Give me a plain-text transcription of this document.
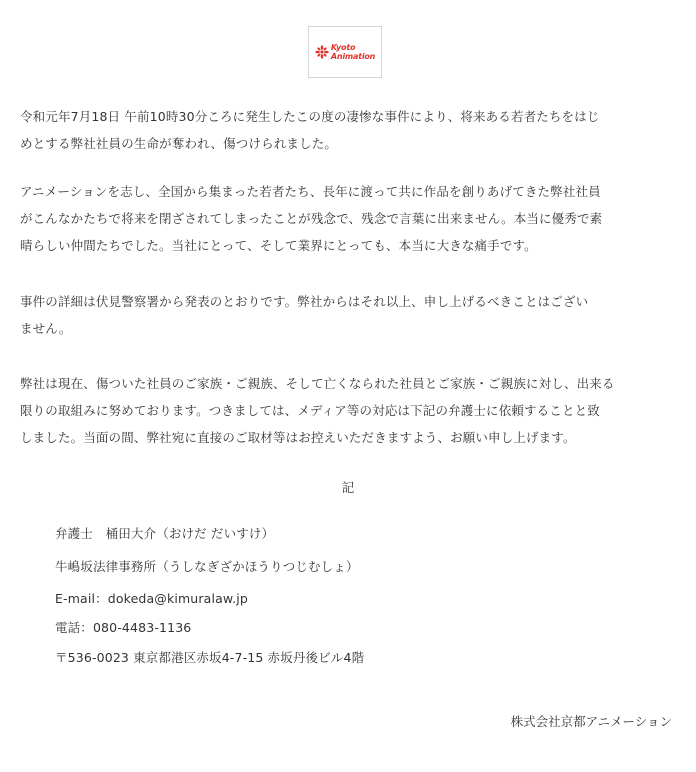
Kyoto
Animation

令和元年7月18日 午前10時30分ころに発生したこの度の凄惨な事件により、将来ある若者たちをはじ
めとする弊社社員の生命が奪われ、傷つけられました。

アニメーションを志し、全国から集まった若者たち、長年に渡って共に作品を創りあげてきた弊社社員
がこんなかたちで将来を閉ざされてしまったことが残念で、残念で言葉に出来ません。本当に優秀で素
晴らしい仲間たちでした。当社にとって、そして業界にとっても、本当に大きな痛手です。

事件の詳細は伏見警察署から発表のとおりです。弊社からはそれ以上、申し上げるべきことはござい
ません。

弊社は現在、傷ついた社員のご家族・ご親族、そして亡くなられた社員とご家族・ご親族に対し、出来る
限りの取組みに努めております。つきましては、メディア等の対応は下記の弁護士に依頼することと致
しました。当面の間、弊社宛に直接のご取材等はお控えいただきますよう、お願い申し上げます。

記

弁護士　桶田大介（おけだ だいすけ）

牛嶋坂法律事務所（うしなぎざかほうりつじむしょ）

E-mail：dokeda@kimuralaw.jp

電話：080-4483-1136

〒536-0023 東京都港区赤坂4-7-15 赤坂丹後ビル4階

株式会社京都アニメーション
